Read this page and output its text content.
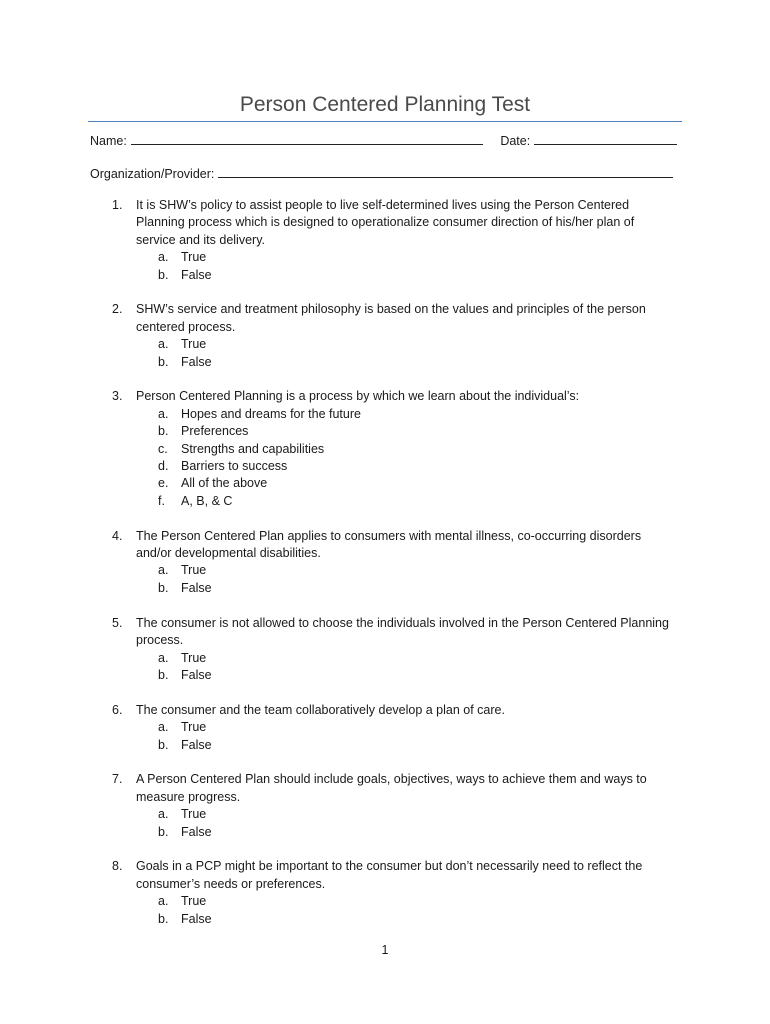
Person Centered Planning Test
Name:	Date:
Organization/Provider:
1. It is SHW’s policy to assist people to live self-determined lives using the Person Centered Planning process which is designed to operationalize consumer direction of his/her plan of service and its delivery.
a. True
b. False
2. SHW’s service and treatment philosophy is based on the values and principles of the person centered process.
a. True
b. False
3. Person Centered Planning is a process by which we learn about the individual’s:
a. Hopes and dreams for the future
b. Preferences
c. Strengths and capabilities
d. Barriers to success
e. All of the above
f. A, B, & C
4. The Person Centered Plan applies to consumers with mental illness, co-occurring disorders and/or developmental disabilities.
a. True
b. False
5. The consumer is not allowed to choose the individuals involved in the Person Centered Planning process.
a. True
b. False
6. The consumer and the team collaboratively develop a plan of care.
a. True
b. False
7. A Person Centered Plan should include goals, objectives, ways to achieve them and ways to measure progress.
a. True
b. False
8. Goals in a PCP might be important to the consumer but don’t necessarily need to reflect the consumer’s needs or preferences.
a. True
b. False
1
